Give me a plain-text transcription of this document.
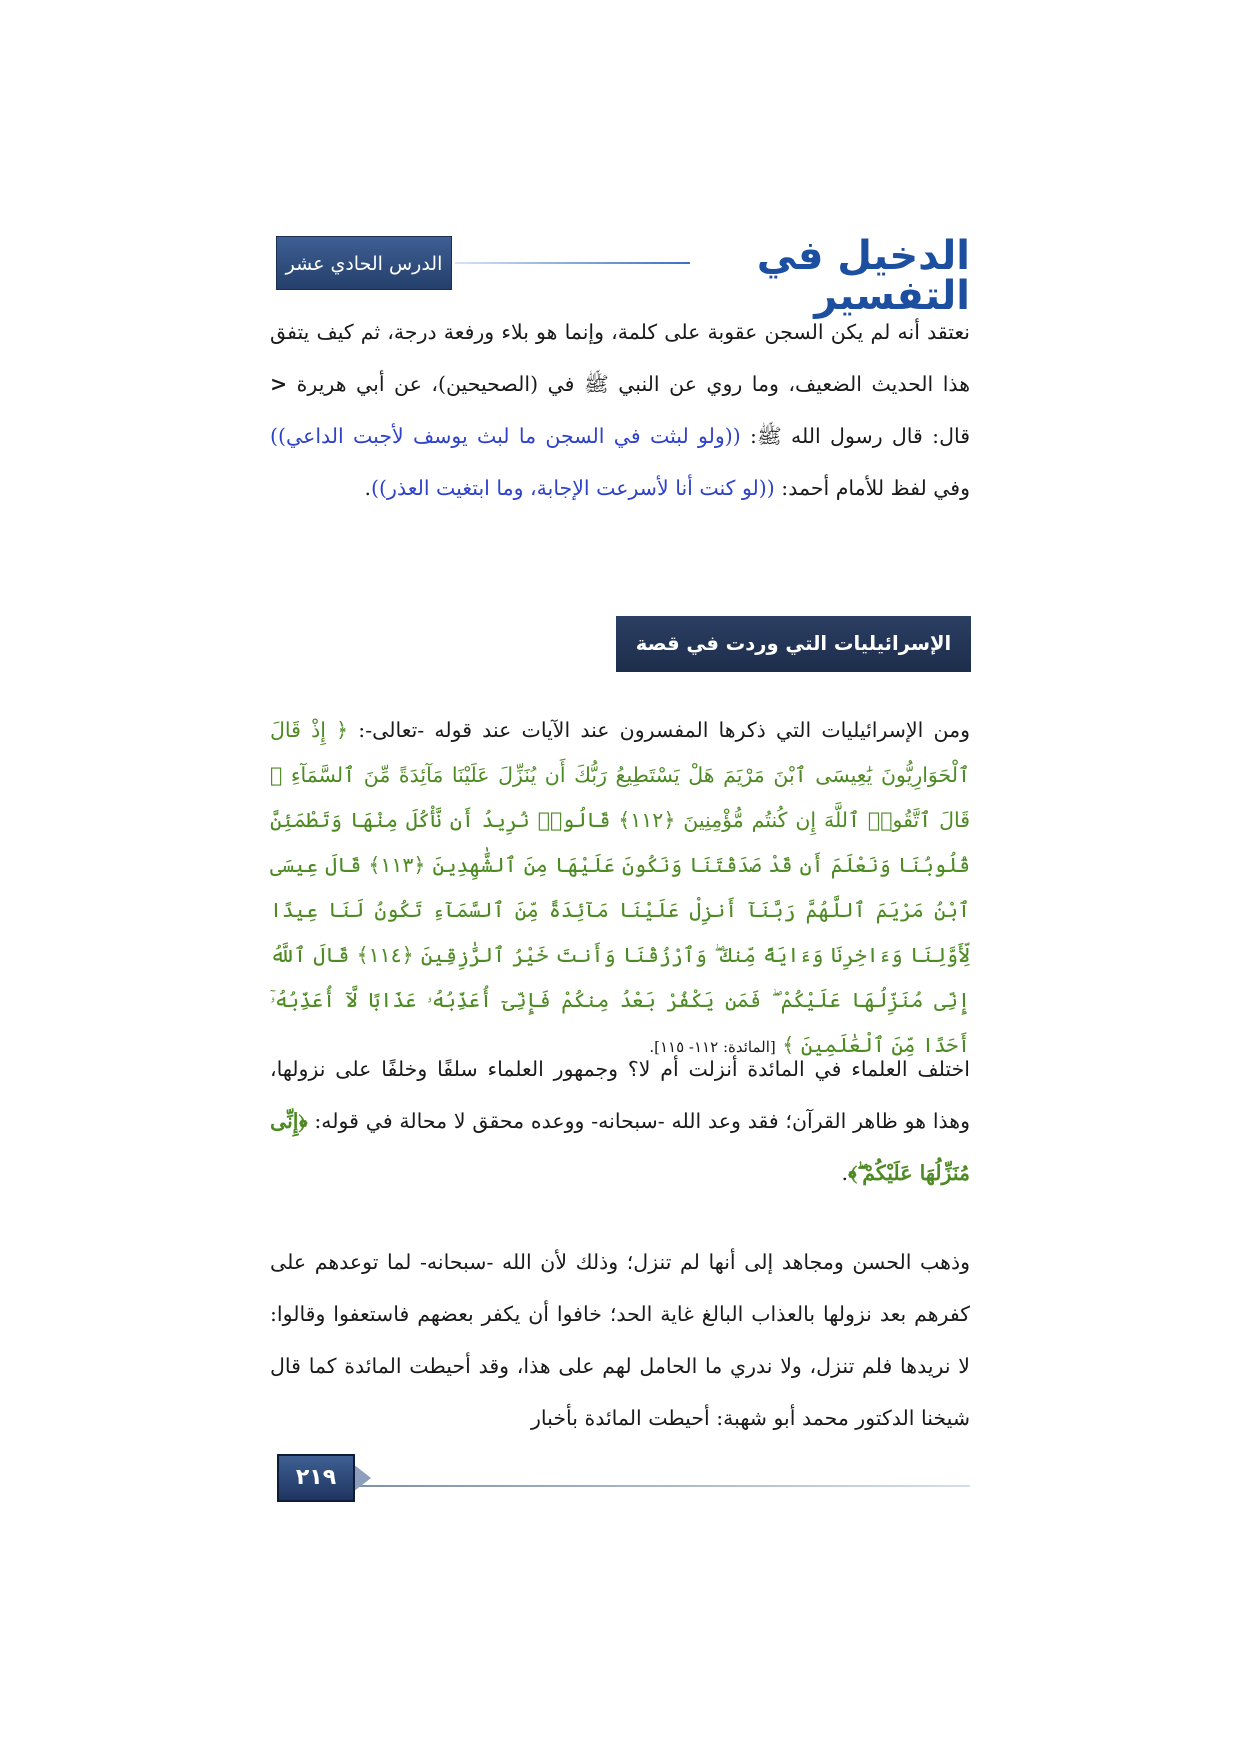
الدخيل في التفسير
الدرس الحادي عشر
نعتقد أنه لم يكن السجن عقوبة على كلمة، وإنما هو بلاء ورفعة درجة، ثم كيف يتفق هذا الحديث الضعيف، وما روي عن النبي ﷺ في (الصحيحين)، عن أبي هريرة < قال: قال رسول الله ﷺ: ((ولو لبثت في السجن ما لبث يوسف لأجبت الداعي)) وفي لفظ للأمام أحمد: ((لو كنت أنا لأسرعت الإجابة، وما ابتغيت العذر)).
الإسرائيليات التي وردت في قصة المائدة
ومن الإسرائيليات التي ذكرها المفسرون عند الآيات عند قوله -تعالى-: ﴿ إِذْ قَالَ ٱلْحَوَارِيُّونَ يَٰعِيسَى ٱبْنَ مَرْيَمَ هَلْ يَسْتَطِيعُ رَبُّكَ أَن يُنَزِّلَ عَلَيْنَا مَآئِدَةً مِّنَ ٱلسَّمَآءِ ۖ قَالَ ٱتَّقُوا۟ ٱللَّهَ إِن كُنتُم مُّؤْمِنِينَ ﴿١١٢﴾ قَالُوا۟ نُرِيدُ أَن نَّأْكُلَ مِنْهَا وَتَطْمَئِنَّ قُلُوبُنَا وَنَعْلَمَ أَن قَدْ صَدَقْتَنَا وَنَكُونَ عَلَيْهَا مِنَ ٱلشَّٰهِدِينَ ﴿١١٣﴾ قَالَ عِيسَى ٱبْنُ مَرْيَمَ ٱللَّهُمَّ رَبَّنَآ أَنزِلْ عَلَيْنَا مَآئِدَةً مِّنَ ٱلسَّمَآءِ تَكُونُ لَنَا عِيدًا لِّأَوَّلِنَا وَءَاخِرِنَا وَءَايَةً مِّنكَ ۖ وَٱرْزُقْنَا وَأَنتَ خَيْرُ ٱلرَّٰزِقِينَ ﴿١١٤﴾ قَالَ ٱللَّهُ إِنِّى مُنَزِّلُهَا عَلَيْكُمْ ۖ فَمَن يَكْفُرْ بَعْدُ مِنكُمْ فَإِنِّىٓ أُعَذِّبُهُۥ عَذَابًا لَّآ أُعَذِّبُهُۥٓ أَحَدًا مِّنَ ٱلْعَٰلَمِينَ ﴾ [المائدة: ١١٢- ١١٥].
اختلف العلماء في المائدة أنزلت أم لا؟ وجمهور العلماء سلفًا وخلفًا على نزولها، وهذا هو ظاهر القرآن؛ فقد وعد الله -سبحانه- ووعده محقق لا محالة في قوله: ﴿إِنِّى مُنَزِّلُهَا عَلَيْكُمْ ۖ﴾.
وذهب الحسن ومجاهد إلى أنها لم تنزل؛ وذلك لأن الله -سبحانه- لما توعدهم على كفرهم بعد نزولها بالعذاب البالغ غاية الحد؛ خافوا أن يكفر بعضهم فاستعفوا وقالوا: لا نريدها فلم تنزل، ولا ندري ما الحامل لهم على هذا، وقد أحيطت المائدة كما قال شيخنا الدكتور محمد أبو شهبة: أحيطت المائدة بأخبار
٢١٩
